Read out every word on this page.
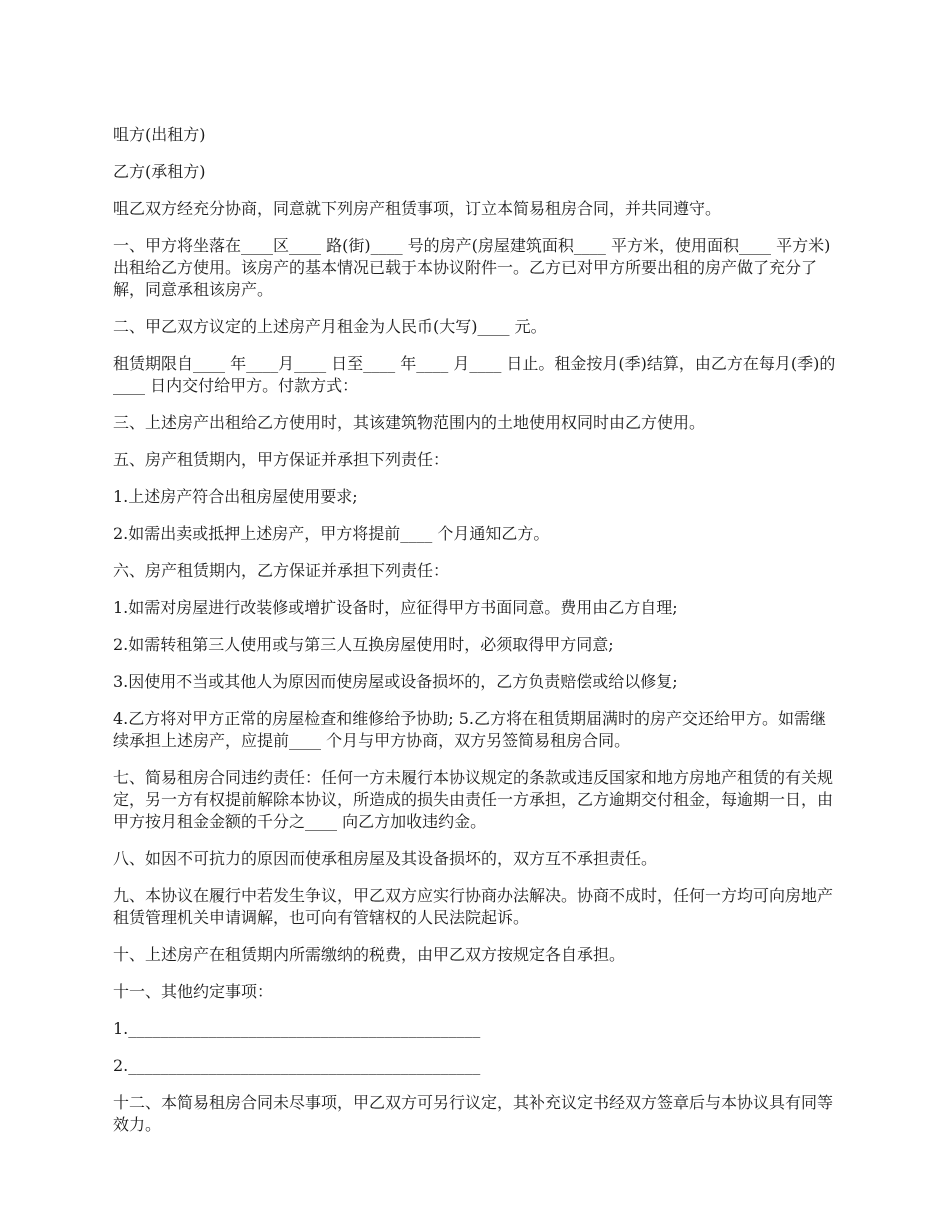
咀方(出租方)

乙方(承租方)

咀乙双方经充分协商，同意就下列房产租赁事项，订立本简易租房合同，并共同遵守。

一、甲方将坐落在____区____ 路(街)____ 号的房产(房屋建筑面积____ 平方米，使用面积____ 平方米)出租给乙方使用。该房产的基本情况已载于本协议附件一。乙方已对甲方所要出租的房产做了充分了解，同意承租该房产。

二、甲乙双方议定的上述房产月租金为人民币(大写)____ 元。

租赁期限自____ 年____月____ 日至____ 年____ 月____ 日止。租金按月(季)结算，由乙方在每月(季)的____ 日内交付给甲方。付款方式：

三、上述房产出租给乙方使用时，其该建筑物范围内的土地使用权同时由乙方使用。

五、房产租赁期内，甲方保证并承担下列责任：

1.上述房产符合出租房屋使用要求;

2.如需出卖或抵押上述房产，甲方将提前____ 个月通知乙方。

六、房产租赁期内，乙方保证并承担下列责任：

1.如需对房屋进行改装修或增扩设备时，应征得甲方书面同意。费用由乙方自理;

2.如需转租第三人使用或与第三人互换房屋使用时，必须取得甲方同意;

3.因使用不当或其他人为原因而使房屋或设备损坏的，乙方负责赔偿或给以修复;

4.乙方将对甲方正常的房屋检查和维修给予协助; 5.乙方将在租赁期届满时的房产交还给甲方。如需继续承担上述房产，应提前____ 个月与甲方协商，双方另签简易租房合同。

七、简易租房合同违约责任：任何一方未履行本协议规定的条款或违反国家和地方房地产租赁的有关规定，另一方有权提前解除本协议，所造成的损失由责任一方承担，乙方逾期交付租金，每逾期一日，由甲方按月租金金额的千分之____ 向乙方加收违约金。

八、如因不可抗力的原因而使承租房屋及其设备损坏的，双方互不承担责任。

九、本协议在履行中若发生争议，甲乙双方应实行协商办法解决。协商不成时，任何一方均可向房地产租赁管理机关申请调解，也可向有管辖权的人民法院起诉。

十、上述房产在租赁期内所需缴纳的税费，由甲乙双方按规定各自承担。

十一、其他约定事项：

1.____________________________________________

2.____________________________________________

十二、本简易租房合同未尽事项，甲乙双方可另行议定，其补充议定书经双方签章后与本协议具有同等效力。
